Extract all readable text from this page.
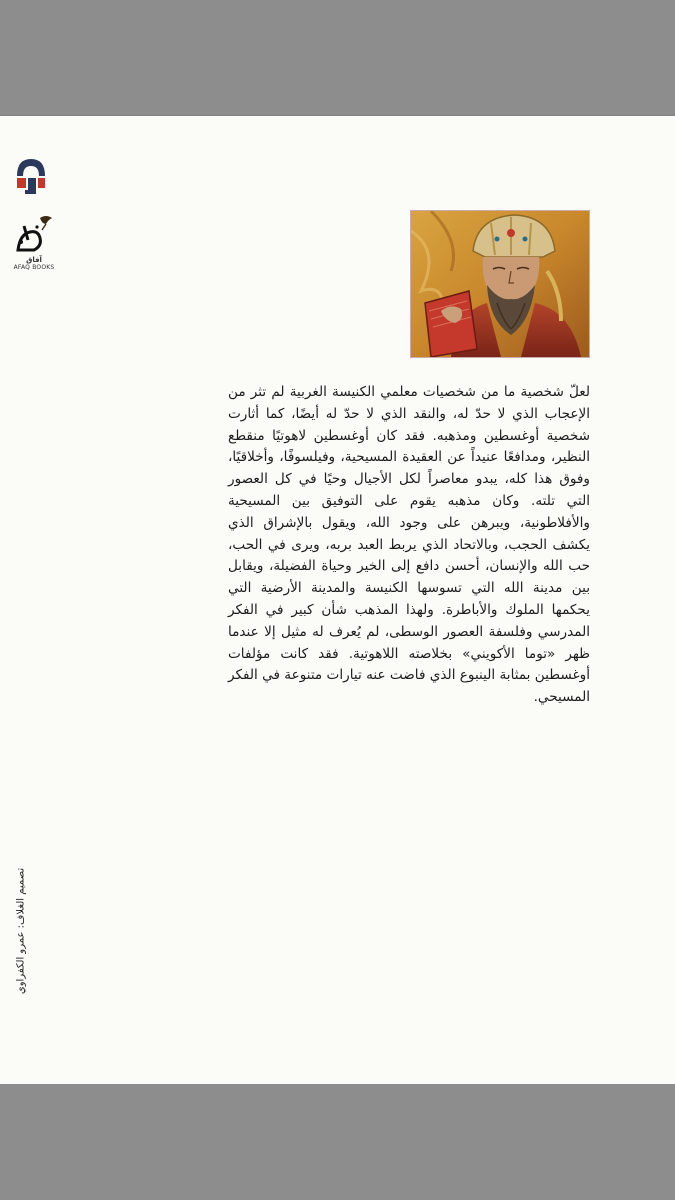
آفاق
AFAQ BOOKS
لعلّ شخصية ما من شخصيات معلمي الكنيسة الغربية لم تثر من الإعجاب الذي لا حدّ له، والنقد الذي لا حدّ له أيضًا، كما أثارت شخصية أوغسطين ومذهبه. فقد كان أوغسطين لاهوتيًا منقطع النظير، ومدافعًا عنيداً عن العقيدة المسيحية، وفيلسوفًا، وأخلاقيًا، وفوق هذا كله، يبدو معاصراً لكل الأجيال وحيًا في كل العصور التي تلته. وكان مذهبه يقوم على التوفيق بين المسيحية والأفلاطونية، ويبرهن على وجود الله، ويقول بالإشراق الذي يكشف الحجب، وبالاتحاد الذي يربط العبد بربه، ويرى في الحب، حب الله والإنسان، أحسن دافع إلى الخير وحياة الفضيلة، ويقابل بين مدينة الله التي تسوسها الكنيسة والمدينة الأرضية التي يحكمها الملوك والأباطرة. ولهذا المذهب شأن كبير في الفكر المدرسي وفلسفة العصور الوسطى، لم يُعرف له مثيل إلا عندما ظهر «توما الأكويني» بخلاصته اللاهوتية. فقد كانت مؤلفات أوغسطين بمثابة الينبوع الذي فاضت عنه تيارات متنوعة في الفكر المسيحي.
تصميم الغلاف: عمرو الكفراوي
